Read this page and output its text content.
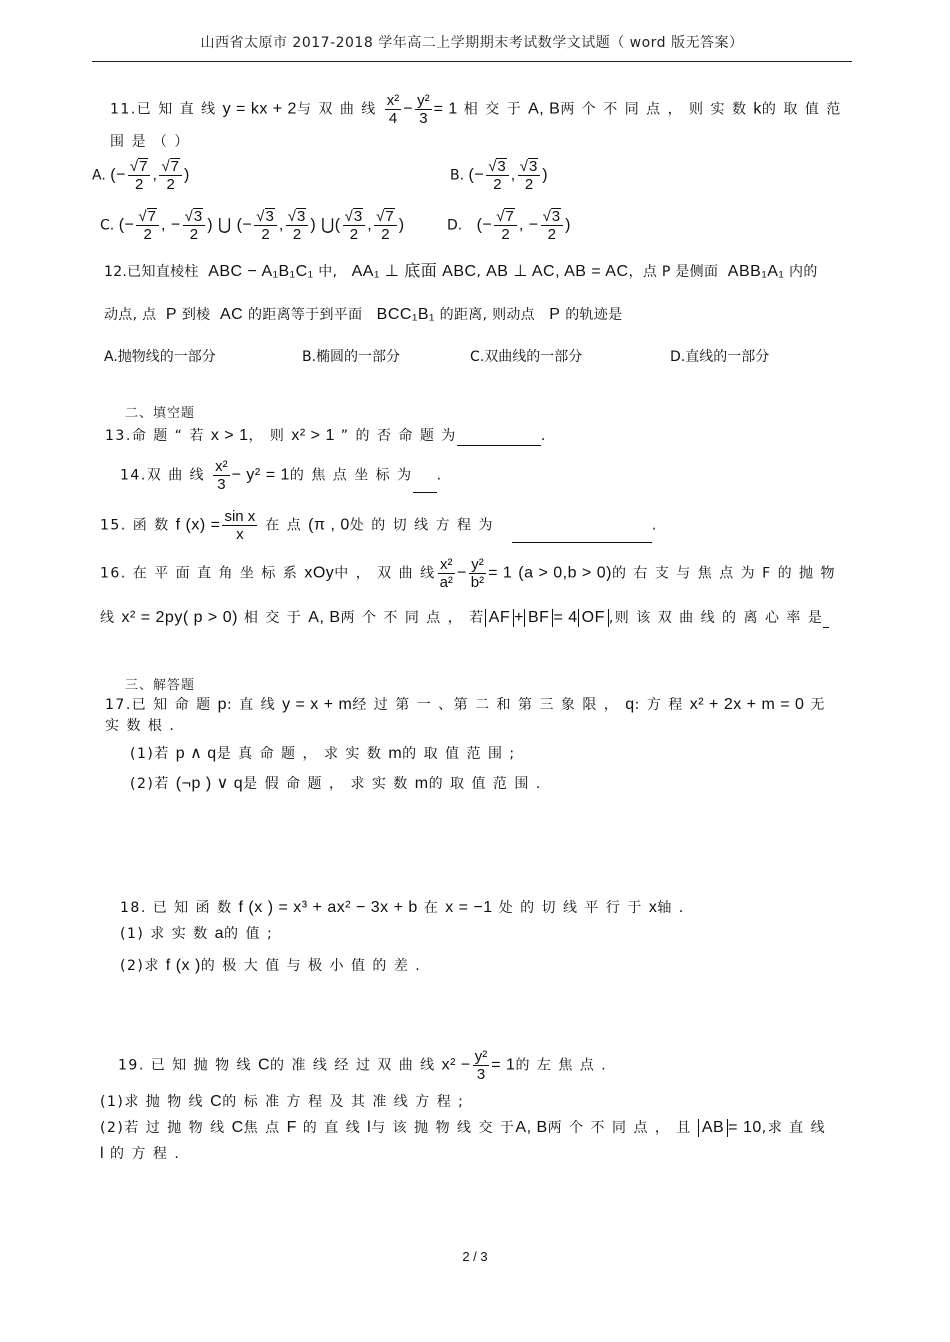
山西省太原市 2017-2018 学年高二上学期期末考试数学文试题（ word 版无答案）
11.已 知 直 线 y = kx + 2与 双 曲 线 $\frac{\text{x²}}{4} - \frac{\text{y²}}{3} = 1$ 相 交 于 A, B两 个 不 同 点 ， 则 实 数 k的 取 值 范
围 是 （ ）
A. (− $\frac{√7}{2}$ , $\frac{√7}{2}$ )	B. (− $\frac{√3}{2}$ , $\frac{√3}{2}$ )
C. (− $\frac{√7}{2}$ , − $\frac{√3}{2}$ ) ⋃ (− $\frac{√3}{2}$ , $\frac{√3}{2}$ ) ⋃( $\frac{√3}{2}$ , $\frac{√7}{2}$ )	D.   (− $\frac{√7}{2}$ , − $\frac{√3}{2}$ )
12.已知直棱柱 ABC − A₁B₁C₁ 中, AA₁ ⊥ 底面 ABC, AB ⊥ AC, AB = AC，点 P 是侧面 ABB₁A₁ 内的
动点, 点 P 到棱 AC 的距离等于到平面 BCC₁B₁ 的距离, 则动点 P 的轨迹是
A.抛物线的一部分	B.椭圆的一部分	C.双曲线的一部分	D.直线的一部分
二、填空题
13.命 题 “ 若 x > 1， 则 x² > 1 ” 的 否 命 题 为	.
14.双 曲 线 $\frac{\text{x²}}{3} - y^2 = 1$的 焦 点 坐 标 为 .
15. 函 数 f $(x) = \frac{\text{sin x}}{x}$ 在 点 (π , 0处 的 切 线 方 程 为	.
16. 在 平 面 直 角 坐 标 系 xOy中 ， 双 曲 线 $\frac{\text{x²}}{\text{a²}} - \frac{\text{y²}}{\text{b²}} = 1$ (a > 0,b > 0)的 右 支 与 焦 点 为 F 的 抛 物
线 x² = 2py( p > 0) 相 交 于 A, B两 个 不 同 点 ， 若 AF + BF = 4 OF ,则 该 双 曲 线 的 离 心 率 是
三、解答题
17.已 知 命 题 p: 直 线 y = x + m经 过 第 一 、第 二 和 第 三 象 限 ， q: 方 程 x² + 2x + m = 0 无
实 数 根 .
(1)若 p ∧ q是 真 命 题 ， 求 实 数 m的 取 值 范 围 ;
(2)若 (¬p ) ∨ q是 假 命 题 ， 求 实 数 m的 取 值 范 围 .
18. 已 知 函 数 f (x ) = x³ + ax² − 3x + b 在 x = −1 处 的 切 线 平 行 于 x轴 .
(1) 求 实 数 a的 值 ;
(2)求 f (x )的 极 大 值 与 极 小 值 的 差 .
19. 已 知 抛 物 线 C的 准 线 经 过 双 曲 线 $x^2 - \frac{\text{y²}}{3} = 1$的 左 焦 点 .
(1)求 抛 物 线 C的 标 准 方 程 及 其 准 线 方 程 ;
(2)若 过 抛 物 线 C焦 点 F 的 直 线 l与 该 抛 物 线 交 于A, B两 个 不 同 点 ， 且 AB = 10,求 直 线
l 的 方 程 .
2 / 3
